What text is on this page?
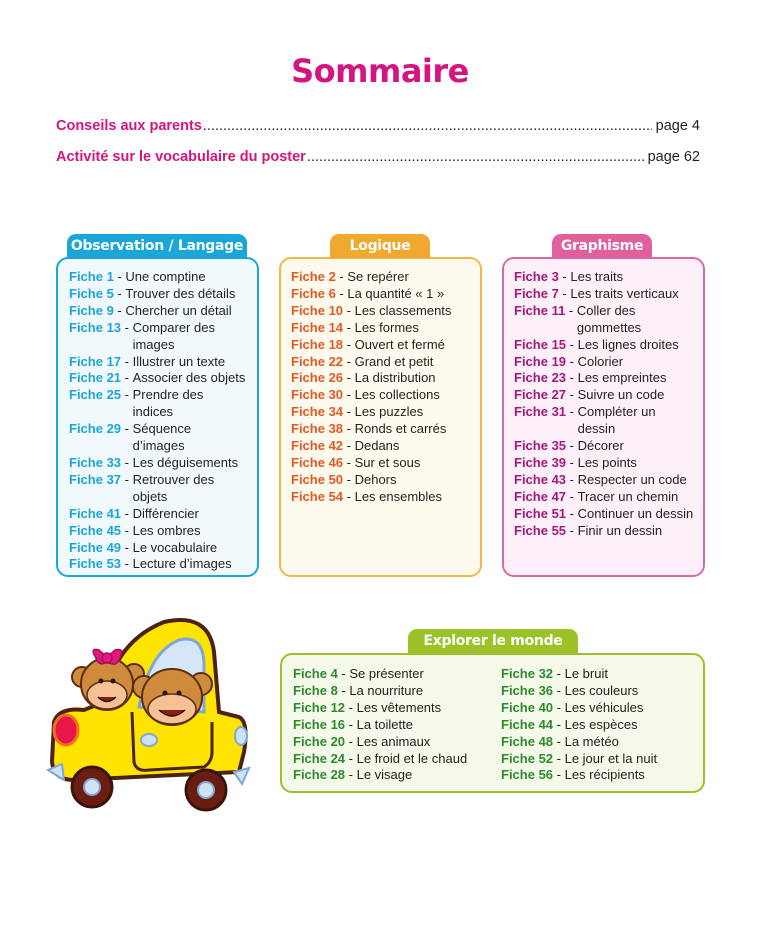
Sommaire
Conseils aux parents .....	page 4
Activité sur le vocabulaire du poster .....	page 62
Observation / Langage
Fiche 1 - Une comptine
Fiche 5 - Trouver des détails
Fiche 9 - Chercher un détail
Fiche 13 - Comparer des images
Fiche 17 - Illustrer un texte
Fiche 21 - Associer des objets
Fiche 25 - Prendre des indices
Fiche 29 - Séquence d’images
Fiche 33 - Les déguisements
Fiche 37 - Retrouver des objets
Fiche 41 - Différencier
Fiche 45 - Les ombres
Fiche 49 - Le vocabulaire
Fiche 53 - Lecture d’images
Logique
Fiche 2 - Se repérer
Fiche 6 - La quantité « 1 »
Fiche 10 - Les classements
Fiche 14 - Les formes
Fiche 18 - Ouvert et fermé
Fiche 22 - Grand et petit
Fiche 26 - La distribution
Fiche 30 - Les collections
Fiche 34 - Les puzzles
Fiche 38 - Ronds et carrés
Fiche 42 - Dedans
Fiche 46 - Sur et sous
Fiche 50 - Dehors
Fiche 54 - Les ensembles
Graphisme
Fiche 3 - Les traits
Fiche 7 - Les traits verticaux
Fiche 11 - Coller des gommettes
Fiche 15 - Les lignes droites
Fiche 19 - Colorier
Fiche 23 - Les empreintes
Fiche 27 - Suivre un code
Fiche 31 - Compléter un dessin
Fiche 35 - Décorer
Fiche 39 - Les points
Fiche 43 - Respecter un code
Fiche 47 - Tracer un chemin
Fiche 51 - Continuer un dessin
Fiche 55 - Finir un dessin
Explorer le monde
Fiche 4 - Se présenter
Fiche 8 - La nourriture
Fiche 12 - Les vêtements
Fiche 16 - La toilette
Fiche 20 - Les animaux
Fiche 24 - Le froid et le chaud
Fiche 28 - Le visage
Fiche 32 - Le bruit
Fiche 36 - Les couleurs
Fiche 40 - Les véhicules
Fiche 44 - Les espèces
Fiche 48 - La météo
Fiche 52 - Le jour et la nuit
Fiche 56 - Les récipients
